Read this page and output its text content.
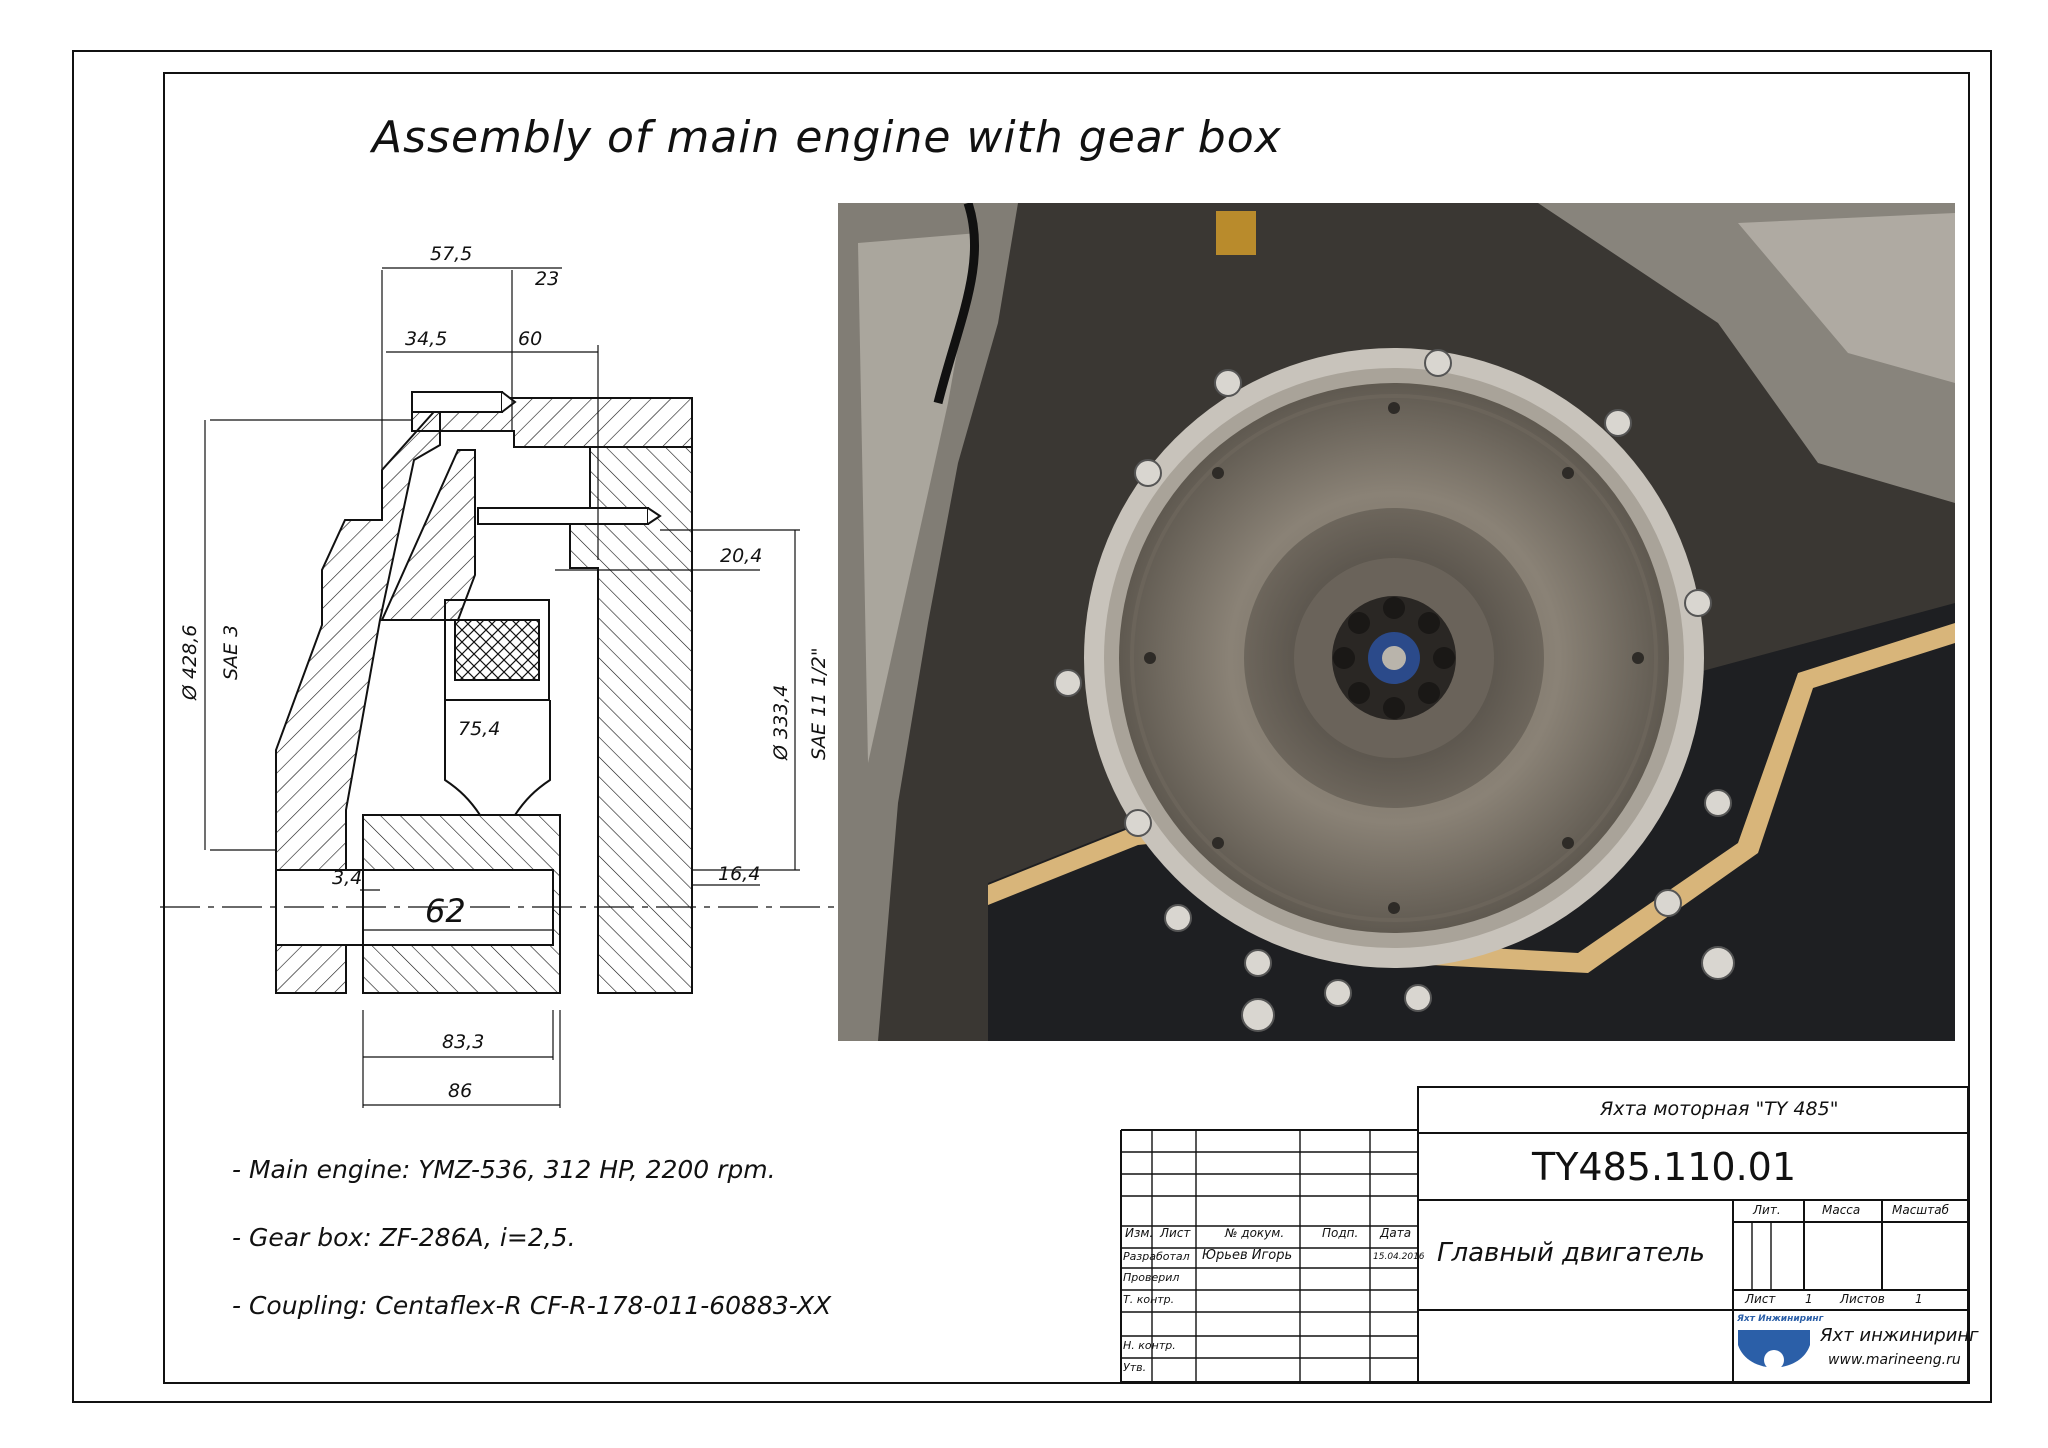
Assembly of main engine with gear box
57,5
23
34,5	60
20,4
75,4
3,4	16,4
83,3
86
Ø 428,6 SAE 3
Ø 333,4 SAE 11 1/2"
62
- Main engine: YMZ-536, 312 HP, 2200 rpm.
- Gear box: ZF-286A, i=2,5.
- Coupling: Centaflex-R CF-R-178-011-60883-XX
Яхта моторная "TY 485"
TY485.110.01
Главный двигатель
Изм. Лист	№ докум.	Подп. Дата
Разработал Юрьев Игорь	15.04.2016
Проверил
Т. контр.
Н. контр.
Утв.
Лит.	Масса	Масштаб
Лист 1 Листов	1
Яхт Инжиниринг
Яхт инжиниринг
www.marineeng.ru
